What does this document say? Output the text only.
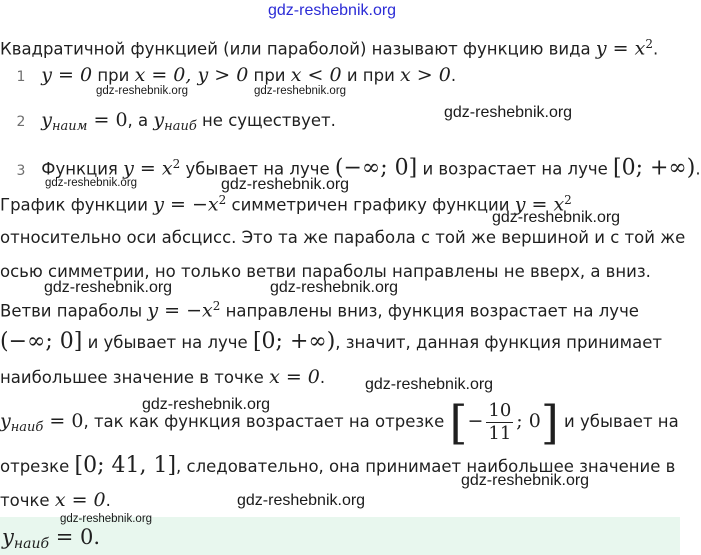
gdz-reshebnik.org
Квадратичной функцией (или параболой) называют функцию вида $y = x^2$.
1 y = 0 при x = 0, y > 0 при x < 0 и при x > 0.
2 $y_{наим} = 0$, а $y_{наиб}$ не существует.
3 Функция $y = x^2$ убывает на луче (−∞; 0] и возрастает на луче [0; +∞).
График функции $y = -x^2$ симметричен графику функции $y = x^2$
относительно оси абсцисс. Это та же парабола с той же вершиной и с той же
осью симметрии, но только ветви параболы направлены не вверх, а вниз.
Ветви параболы $y = -x^2$ направлены вниз, функция возрастает на луче
(−∞; 0] и убывает на луче [0; +∞), значит, данная функция принимает
наибольшее значение в точке x = 0.
$y_{наиб} = 0$, так как функция возрастает на отрезке [− $\frac{10}{11}$ ; 0] и убывает на
отрезке [0; 41, 1], следовательно, она принимает наибольшее значение в
точке x = 0.
$y_{наиб} = 0$.
gdz-reshebnik.org	gdz-reshebnik.org
gdz-reshebnik.org
gdz-reshebnik.org	gdz-reshebnik.org
gdz-reshebnik.org
gdz-reshebnik.org	gdz-reshebnik.org
gdz-reshebnik.org
gdz-reshebnik.org
gdz-reshebnik.org
gdz-reshebnik.org
gdz-reshebnik.org
